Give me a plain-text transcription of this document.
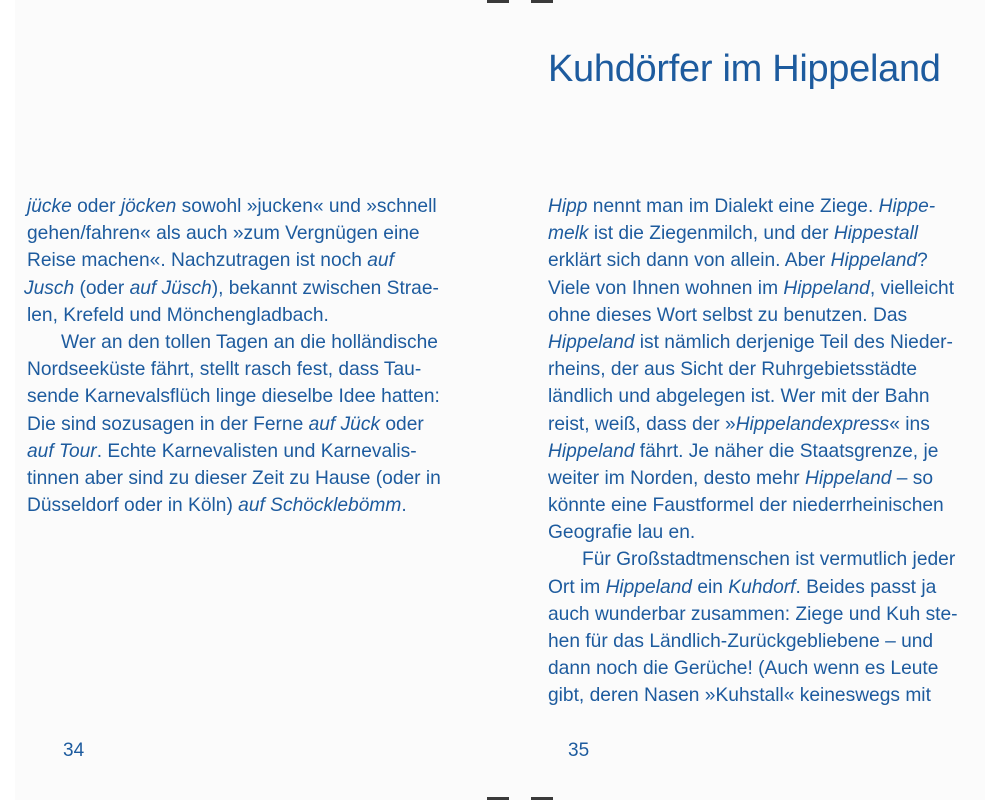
jücke oder jöcken sowohl »jucken« und »schnell
gehen/fahren« als auch »zum Vergnügen eine
Reise machen«. Nachzutragen ist noch auf
Jusch (oder auf Jüsch), bekannt zwischen Strae-
len, Krefeld und Mönchengladbach.
Wer an den tollen Tagen an die holländische
Nordseeküste fährt, stellt rasch fest, dass Tau-
sende Karnevalsflüch linge dieselbe Idee hatten:
Die sind sozusagen in der Ferne auf Jück oder
auf Tour. Echte Karnevalisten und Karnevalis-
tinnen aber sind zu dieser Zeit zu Hause (oder in
Düsseldorf oder in Köln) auf Schöcklebömm.
34
Kuhdörfer im Hippeland
Hipp nennt man im Dialekt eine Ziege. Hippe-
melk ist die Ziegenmilch, und der Hippestall
erklärt sich dann von allein. Aber Hippeland?
Viele von Ihnen wohnen im Hippeland, vielleicht
ohne dieses Wort selbst zu benutzen. Das
Hippeland ist nämlich derjenige Teil des Nieder-
rheins, der aus Sicht der Ruhrgebietsstädte
ländlich und abgelegen ist. Wer mit der Bahn
reist, weiß, dass der »Hippelandexpress« ins
Hippeland fährt. Je näher die Staatsgrenze, je
weiter im Norden, desto mehr Hippeland – so
könnte eine Faustformel der niederrheinischen
Geografie lau en.
Für Großstadtmenschen ist vermutlich jeder
Ort im Hippeland ein Kuhdorf. Beides passt ja
auch wunderbar zusammen: Ziege und Kuh ste-
hen für das Ländlich-Zurückgebliebene – und
dann noch die Gerüche! (Auch wenn es Leute
gibt, deren Nasen »Kuhstall« keineswegs mit
35
